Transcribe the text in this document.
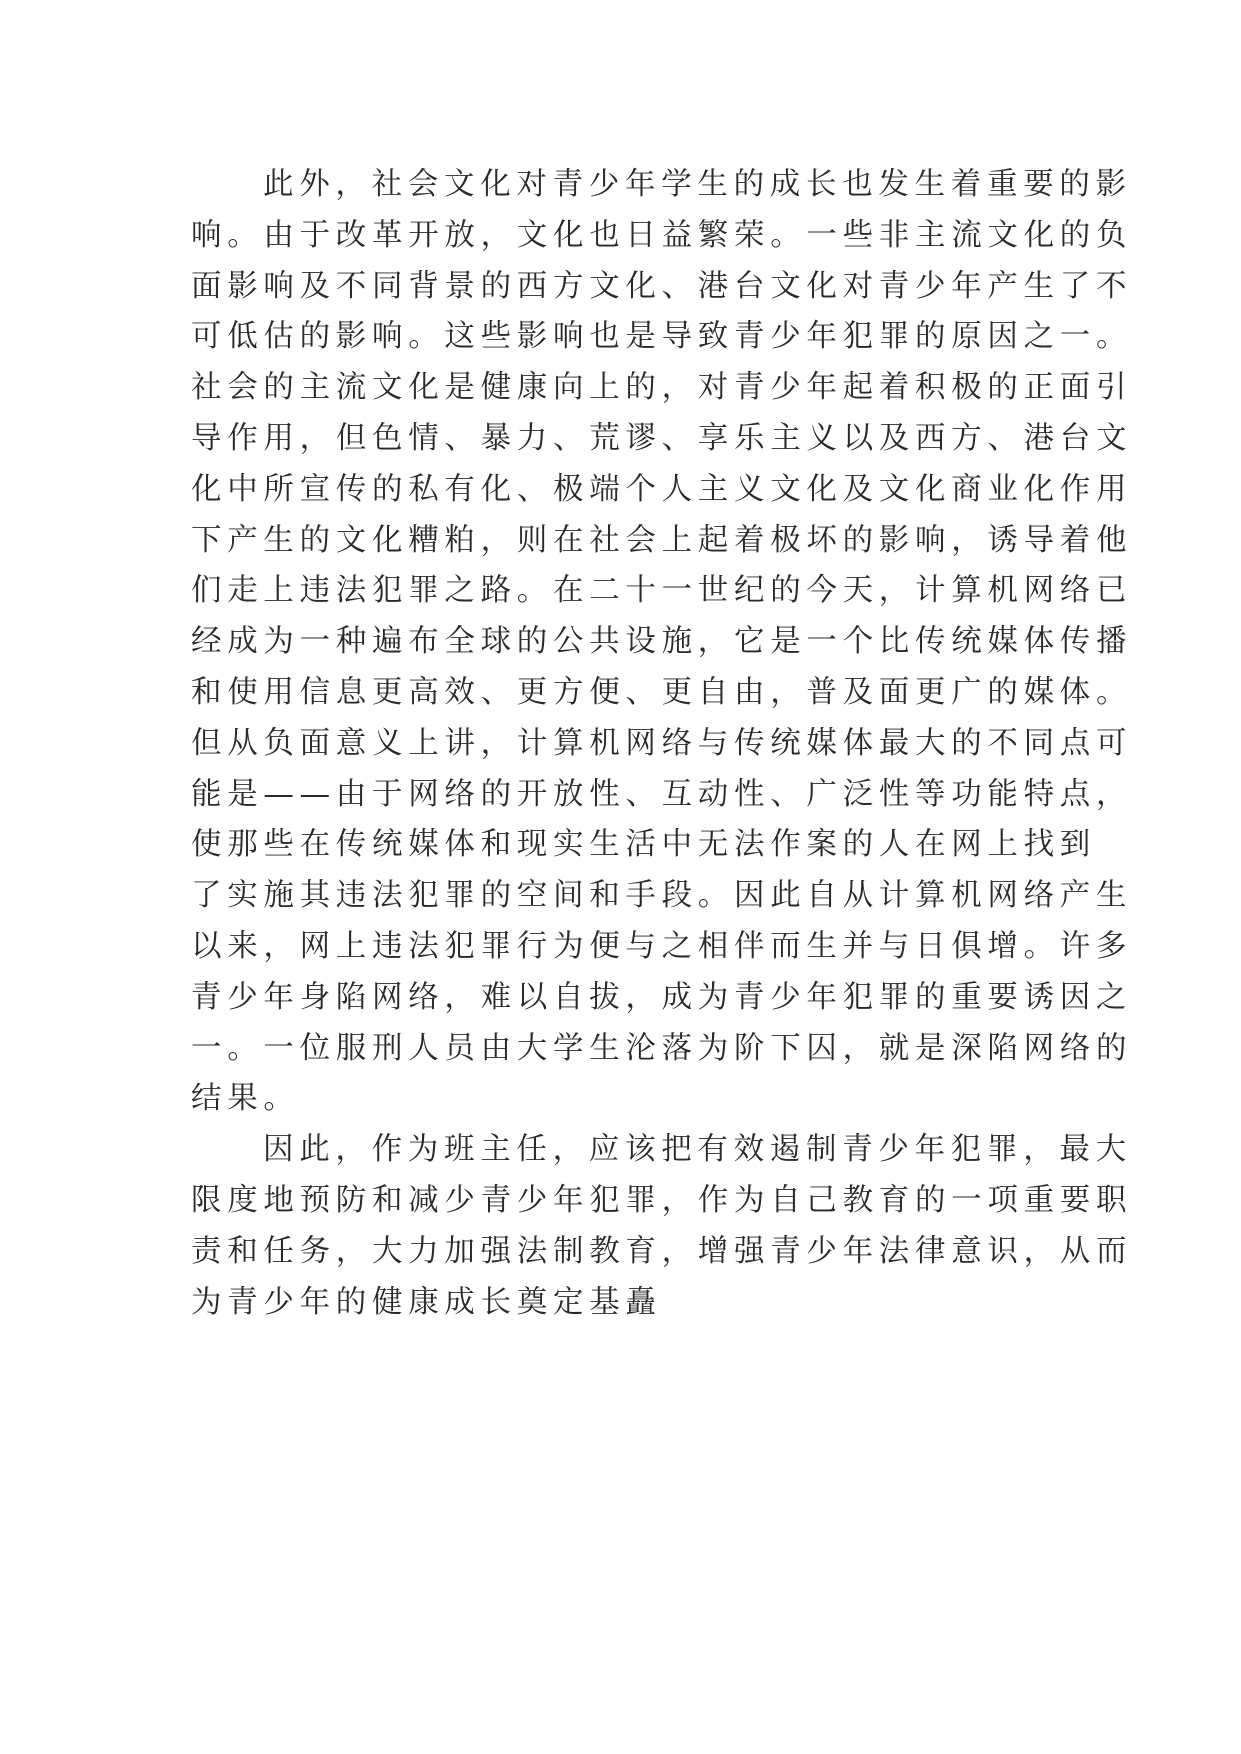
此外，社会文化对青少年学生的成长也发生着重要的影
响。由于改革开放，文化也日益繁荣。一些非主流文化的负
面影响及不同背景的西方文化、港台文化对青少年产生了不
可低估的影响。这些影响也是导致青少年犯罪的原因之一。
社会的主流文化是健康向上的，对青少年起着积极的正面引
导作用，但色情、暴力、荒谬、享乐主义以及西方、港台文
化中所宣传的私有化、极端个人主义文化及文化商业化作用
下产生的文化糟粕，则在社会上起着极坏的影响，诱导着他
们走上违法犯罪之路。在二十一世纪的今天，计算机网络已
经成为一种遍布全球的公共设施，它是一个比传统媒体传播
和使用信息更高效、更方便、更自由，普及面更广的媒体。
但从负面意义上讲，计算机网络与传统媒体最大的不同点可
能是——由于网络的开放性、互动性、广泛性等功能特点，
使那些在传统媒体和现实生活中无法作案的人在网上找到
了实施其违法犯罪的空间和手段。因此自从计算机网络产生
以来，网上违法犯罪行为便与之相伴而生并与日俱增。许多
青少年身陷网络，难以自拔，成为青少年犯罪的重要诱因之
一。一位服刑人员由大学生沦落为阶下囚，就是深陷网络的
结果。
因此，作为班主任，应该把有效遏制青少年犯罪，最大
限度地预防和减少青少年犯罪，作为自己教育的一项重要职
责和任务，大力加强法制教育，增强青少年法律意识，从而
为青少年的健康成长奠定基矗
